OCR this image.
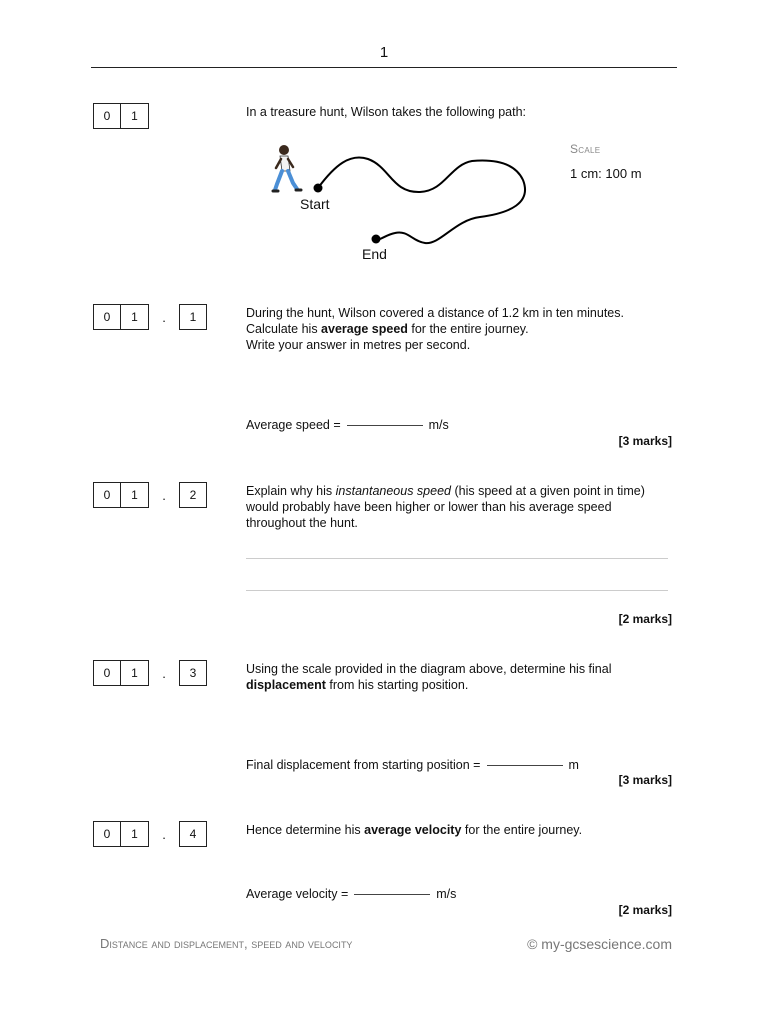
1
0	1	In a treasure hunt, Wilson takes the following path:
Start
End
Scale
1 cm: 100 m
0	1	.	1	During the hunt, Wilson covered a distance of 1.2 km in ten minutes.
Calculate his average speed for the entire journey.
Write your answer in metres per second.
Average speed =	m/s
[3 marks]
0	1	.	2	Explain why his instantaneous speed (his speed at a given point in time)
would probably have been higher or lower than his average speed
throughout the hunt.
[2 marks]
0	1	.	3	Using the scale provided in the diagram above, determine his final
displacement from his starting position.
Final displacement from starting position =	m
[3 marks]
0	1	.	4	Hence determine his average velocity for the entire journey.
Average velocity =	m/s
[2 marks]
Distance and displacement, speed and velocity	© my-gcsescience.com
